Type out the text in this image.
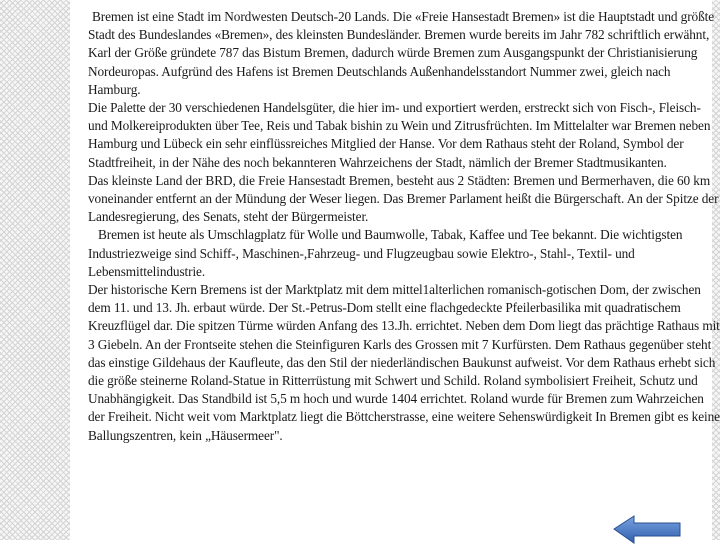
Bremen ist eine Stadt im Nordwesten Deutsch-20 Lands. Die «Freie Hansestadt Bremen» ist die Hauptstadt und größte Stadt des Bundeslandes «Bremen», des kleinsten Bundesländer. Bremen wurde bereits im Jahr 782 schriftlich erwähnt, Karl der Größe gründete 787 das Bistum Bremen, dadurch würde Bremen zum Ausgangspunkt der Christianisierung Nordeuropas. Aufgründ des Hafens ist Bremen Deutschlands Außenhandelsstandort Nummer zwei, gleich nach Hamburg.

Die Palette der 30 verschiedenen Handelsgüter, die hier im- und exportiert werden, erstreckt sich von Fisch-, Fleisch- und Molkereiprodukten über Tee, Reis und Tabak bishin zu Wein und Zitrusfrüchten. Im Mittelalter war Bremen neben Hamburg und Lübeck ein sehr einflüssreiches Mitglied der Hanse. Vor dem Rathaus steht der Roland, Symbol der Stadtfreiheit, in der Nähe des noch bekannteren Wahrzeichens der Stadt, nämlich der Bremer Stadtmusikanten.

Das kleinste Land der BRD, die Freie Hansestadt Bremen, besteht aus 2 Städten: Bremen und Bermerhaven, die 60 km voneinander entfernt an der Mündung der Weser liegen. Das Bremer Parlament heißt die Bürgerschaft. An der Spitze der Landesregierung, des Senats, steht der Bürgermeister.

Bremen ist heute als Umschlagplatz für Wolle und Baumwolle, Tabak, Kaffee und Tee bekannt. Die wichtigsten Industriezweige sind Schiff-, Maschinen-,Fahrzeug- und Flugzeugbau sowie Elektro-, Stahl-, Textil- und Lebensmittelindustrie.

Der historische Kern Bremens ist der Marktplatz mit dem mittel1alterlichen romanisch-gotischen Dom, der zwischen dem 11. und 13. Jh. erbaut würde. Der St.-Petrus-Dom stellt eine flachgedeckte Pfeilerbasilika mit quadratischem Kreuzflügel dar. Die spitzen Türme würden Anfang des 13.Jh. errichtet. Neben dem Dom liegt das prächtige Rathaus mit 3 Giebeln. An der Frontseite stehen die Steinfiguren Karls des Grossen mit 7 Kurfürsten. Dem Rathaus gegenüber steht das einstige Gildehaus der Kaufleute, das den Stil der niederländischen Baukunst aufweist. Vor dem Rathaus erhebt sich die größe steinerne Roland-Statue in Ritterrüstung mit Schwert und Schild. Roland symbolisiert Freiheit, Schutz und Unabhängigkeit. Das Standbild ist 5,5 m hoch und wurde 1404 errichtet. Roland wurde für Bremen zum Wahrzeichen der Freiheit. Nicht weit vom Marktplatz liegt die Böttcherstrasse, eine weitere Sehenswürdigkeit In Bremen gibt es keine Ballungszentren, kein „Häusermeer".
